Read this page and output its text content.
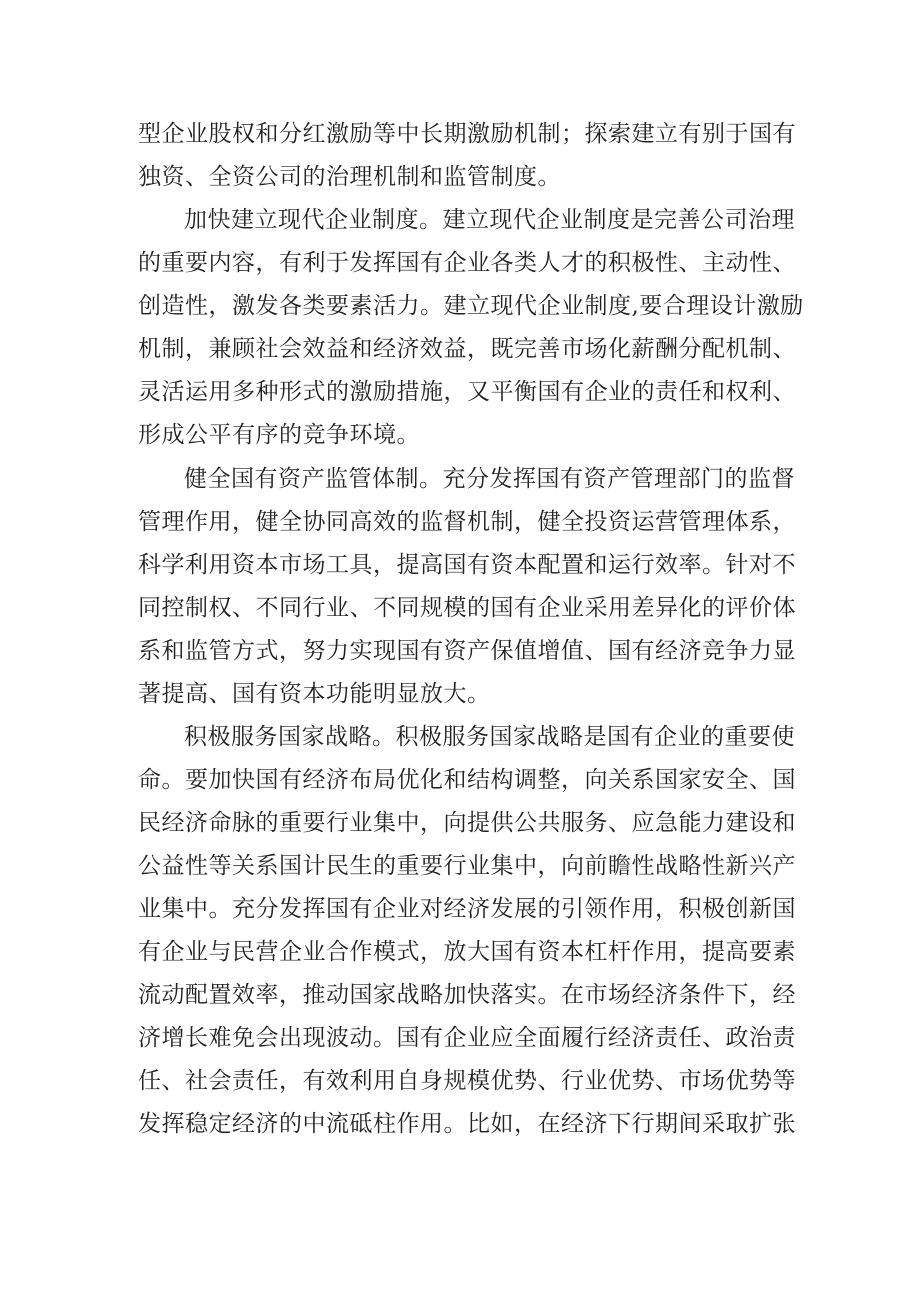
型企业股权和分红激励等中长期激励机制；探索建立有别于国有
独资、全资公司的治理机制和监管制度。
加快建立现代企业制度。建立现代企业制度是完善公司治理
的重要内容，有利于发挥国有企业各类人才的积极性、主动性、
创造性，激发各类要素活力。建立现代企业制度,要合理设计激励
机制，兼顾社会效益和经济效益，既完善市场化薪酬分配机制、
灵活运用多种形式的激励措施，又平衡国有企业的责任和权利、
形成公平有序的竞争环境。
健全国有资产监管体制。充分发挥国有资产管理部门的监督
管理作用，健全协同高效的监督机制，健全投资运营管理体系，
科学利用资本市场工具，提高国有资本配置和运行效率。针对不
同控制权、不同行业、不同规模的国有企业采用差异化的评价体
系和监管方式，努力实现国有资产保值增值、国有经济竞争力显
著提高、国有资本功能明显放大。
积极服务国家战略。积极服务国家战略是国有企业的重要使
命。要加快国有经济布局优化和结构调整，向关系国家安全、国
民经济命脉的重要行业集中，向提供公共服务、应急能力建设和
公益性等关系国计民生的重要行业集中，向前瞻性战略性新兴产
业集中。充分发挥国有企业对经济发展的引领作用，积极创新国
有企业与民营企业合作模式，放大国有资本杠杆作用，提高要素
流动配置效率，推动国家战略加快落实。在市场经济条件下，经
济增长难免会出现波动。国有企业应全面履行经济责任、政治责
任、社会责任，有效利用自身规模优势、行业优势、市场优势等
发挥稳定经济的中流砥柱作用。比如，在经济下行期间采取扩张
